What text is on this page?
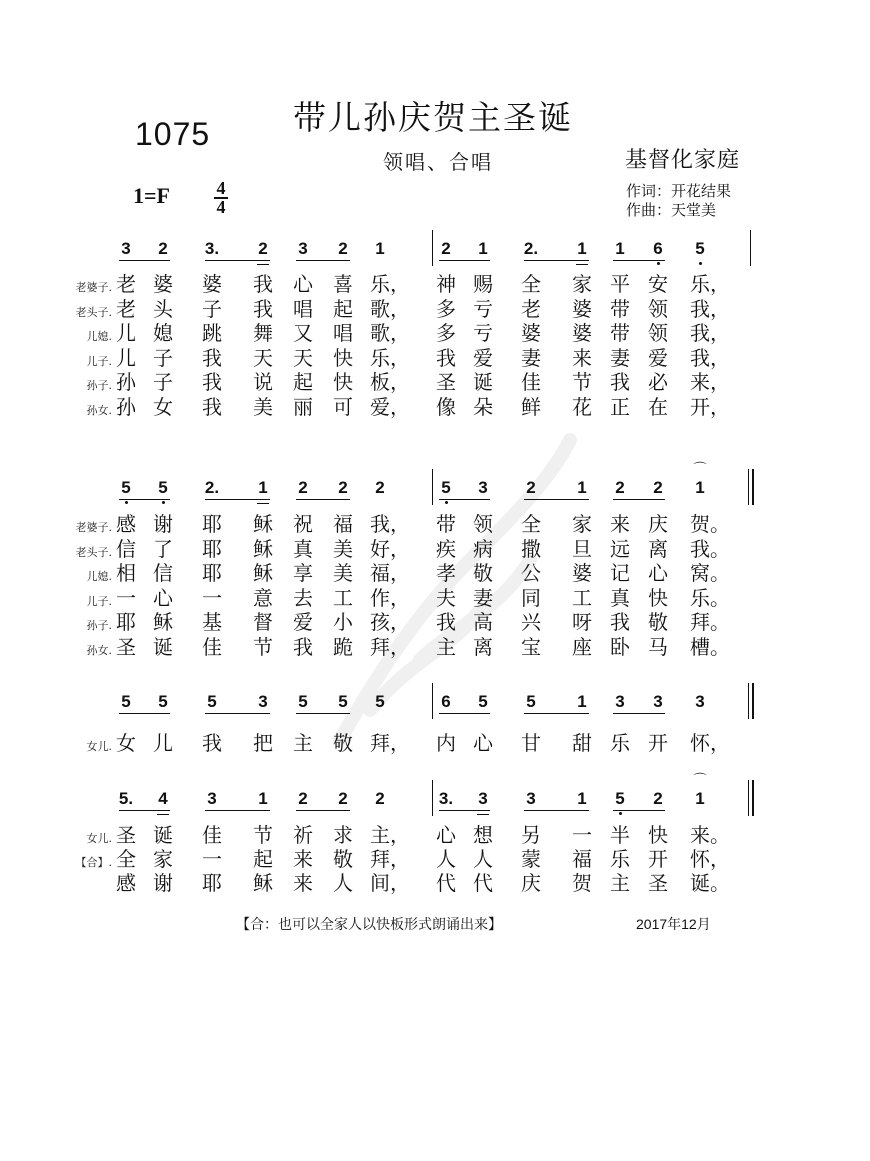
1075	带儿孙庆贺主圣诞
领唱、合唱	基督化家庭
作词：开花结果
作曲：天堂美
1=F	4
4
3 2 3. 2 3 2 1	2 1 2. 1 1 6 5
老婆子. 老 婆 婆 我 心 喜 乐， 神 赐 全 家 平 安 乐，
老头子. 老 头 子 我 唱 起 歌， 多 亏 老 婆 带 领 我，
儿媳. 儿 媳 跳 舞 又 唱 歌， 多 亏 婆 婆 带 领 我，
儿子. 儿 子 我 天 天 快 乐， 我 爱 妻 来 妻 爱 我，
孙子. 孙 子 我 说 起 快 板， 圣 诞 佳 节 我 必 来，
孙女. 孙 女 我 美 丽 可 爱， 像 朵 鲜 花 正 在 开，
5 5 2. 1 2 2 2	5 3 2 1 2 2 1
⌒
老婆子. 感 谢 耶 稣 祝 福 我， 带 领 全 家 来 庆 贺。
老头子. 信 了 耶 稣 真 美 好， 疾 病 撒 旦 远 离 我。
儿媳. 相 信 耶 稣 享 美 福， 孝 敬 公 婆 记 心 窝。
儿子. 一 心 一 意 去 工 作， 夫 妻 同 工 真 快 乐。
孙子. 耶 稣 基 督 爱 小 孩， 我 高 兴 呀 我 敬 拜。
孙女. 圣 诞 佳 节 我 跪 拜， 主 离 宝 座 卧 马 槽。
5 5 5 3 5 5 5	6 5 5 1 3 3 3
女儿. 女 儿 我 把 主 敬 拜， 内 心 甘 甜 乐 开 怀，
5. 4 3 1 2 2 2	3. 3 3 1 5 2 1
⌒
女儿. 圣 诞 佳 节 祈 求 主， 心 想 另 一 半 快 来。
【合】. 全 家 一 起 来 敬 拜， 人 人 蒙 福 乐 开 怀，
感 谢 耶 稣 来 人 间， 代 代 庆 贺 主 圣 诞。
【合：也可以全家人以快板形式朗诵出来】	2017年12月
